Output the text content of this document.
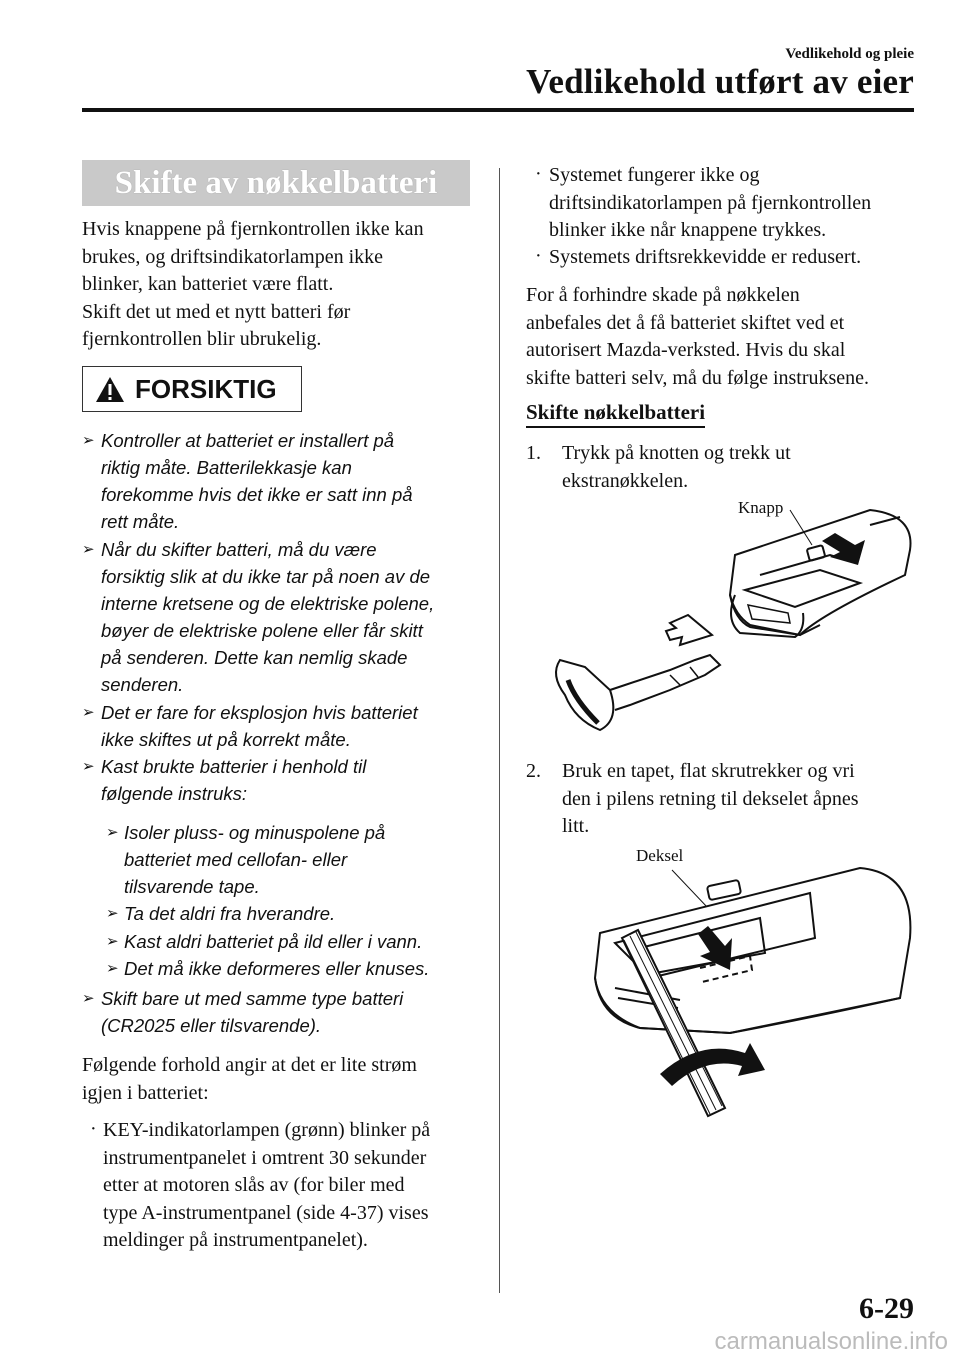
Vedlikehold og pleie
Vedlikehold utført av eier
Skifte av nøkkelbatteri
Hvis knappene på fjernkontrollen ikke kan
brukes, og driftsindikatorlampen ikke
blinker, kan batteriet være flatt.
Skift det ut med et nytt batteri før
fjernkontrollen blir ubrukelig.
FORSIKTIG
➢ Kontroller at batteriet er installert på
riktig måte. Batterilekkasje kan
forekomme hvis det ikke er satt inn på
rett måte.
➢ Når du skifter batteri, må du være
forsiktig slik at du ikke tar på noen av de
interne kretsene og de elektriske polene,
bøyer de elektriske polene eller får skitt
på senderen. Dette kan nemlig skade
senderen.
➢ Det er fare for eksplosjon hvis batteriet
ikke skiftes ut på korrekt måte.
➢ Kast brukte batterier i henhold til
følgende instruks:
➢ Isoler pluss- og minuspolene på
batteriet med cellofan- eller
tilsvarende tape.
➢ Ta det aldri fra hverandre.
➢ Kast aldri batteriet på ild eller i vann.
➢ Det må ikke deformeres eller knuses.
➢ Skift bare ut med samme type batteri
(CR2025 eller tilsvarende).
Følgende forhold angir at det er lite strøm
igjen i batteriet:
· KEY-indikatorlampen (grønn) blinker på
instrumentpanelet i omtrent 30 sekunder
etter at motoren slås av (for biler med
type A-instrumentpanel (side 4-37) vises
meldinger på instrumentpanelet).
· Systemet fungerer ikke og
driftsindikatorlampen på fjernkontrollen
blinker ikke når knappene trykkes.
· Systemets driftsrekkevidde er redusert.
For å forhindre skade på nøkkelen
anbefales det å få batteriet skiftet ved et
autorisert Mazda-verksted. Hvis du skal
skifte batteri selv, må du følge instruksene.
Skifte nøkkelbatteri
1. Trykk på knotten og trekk ut
ekstranøkkelen.
Knapp
2. Bruk en tapet, flat skrutrekker og vri
den i pilens retning til dekselet åpnes
litt.
Deksel
6-29
carmanualsonline.info
